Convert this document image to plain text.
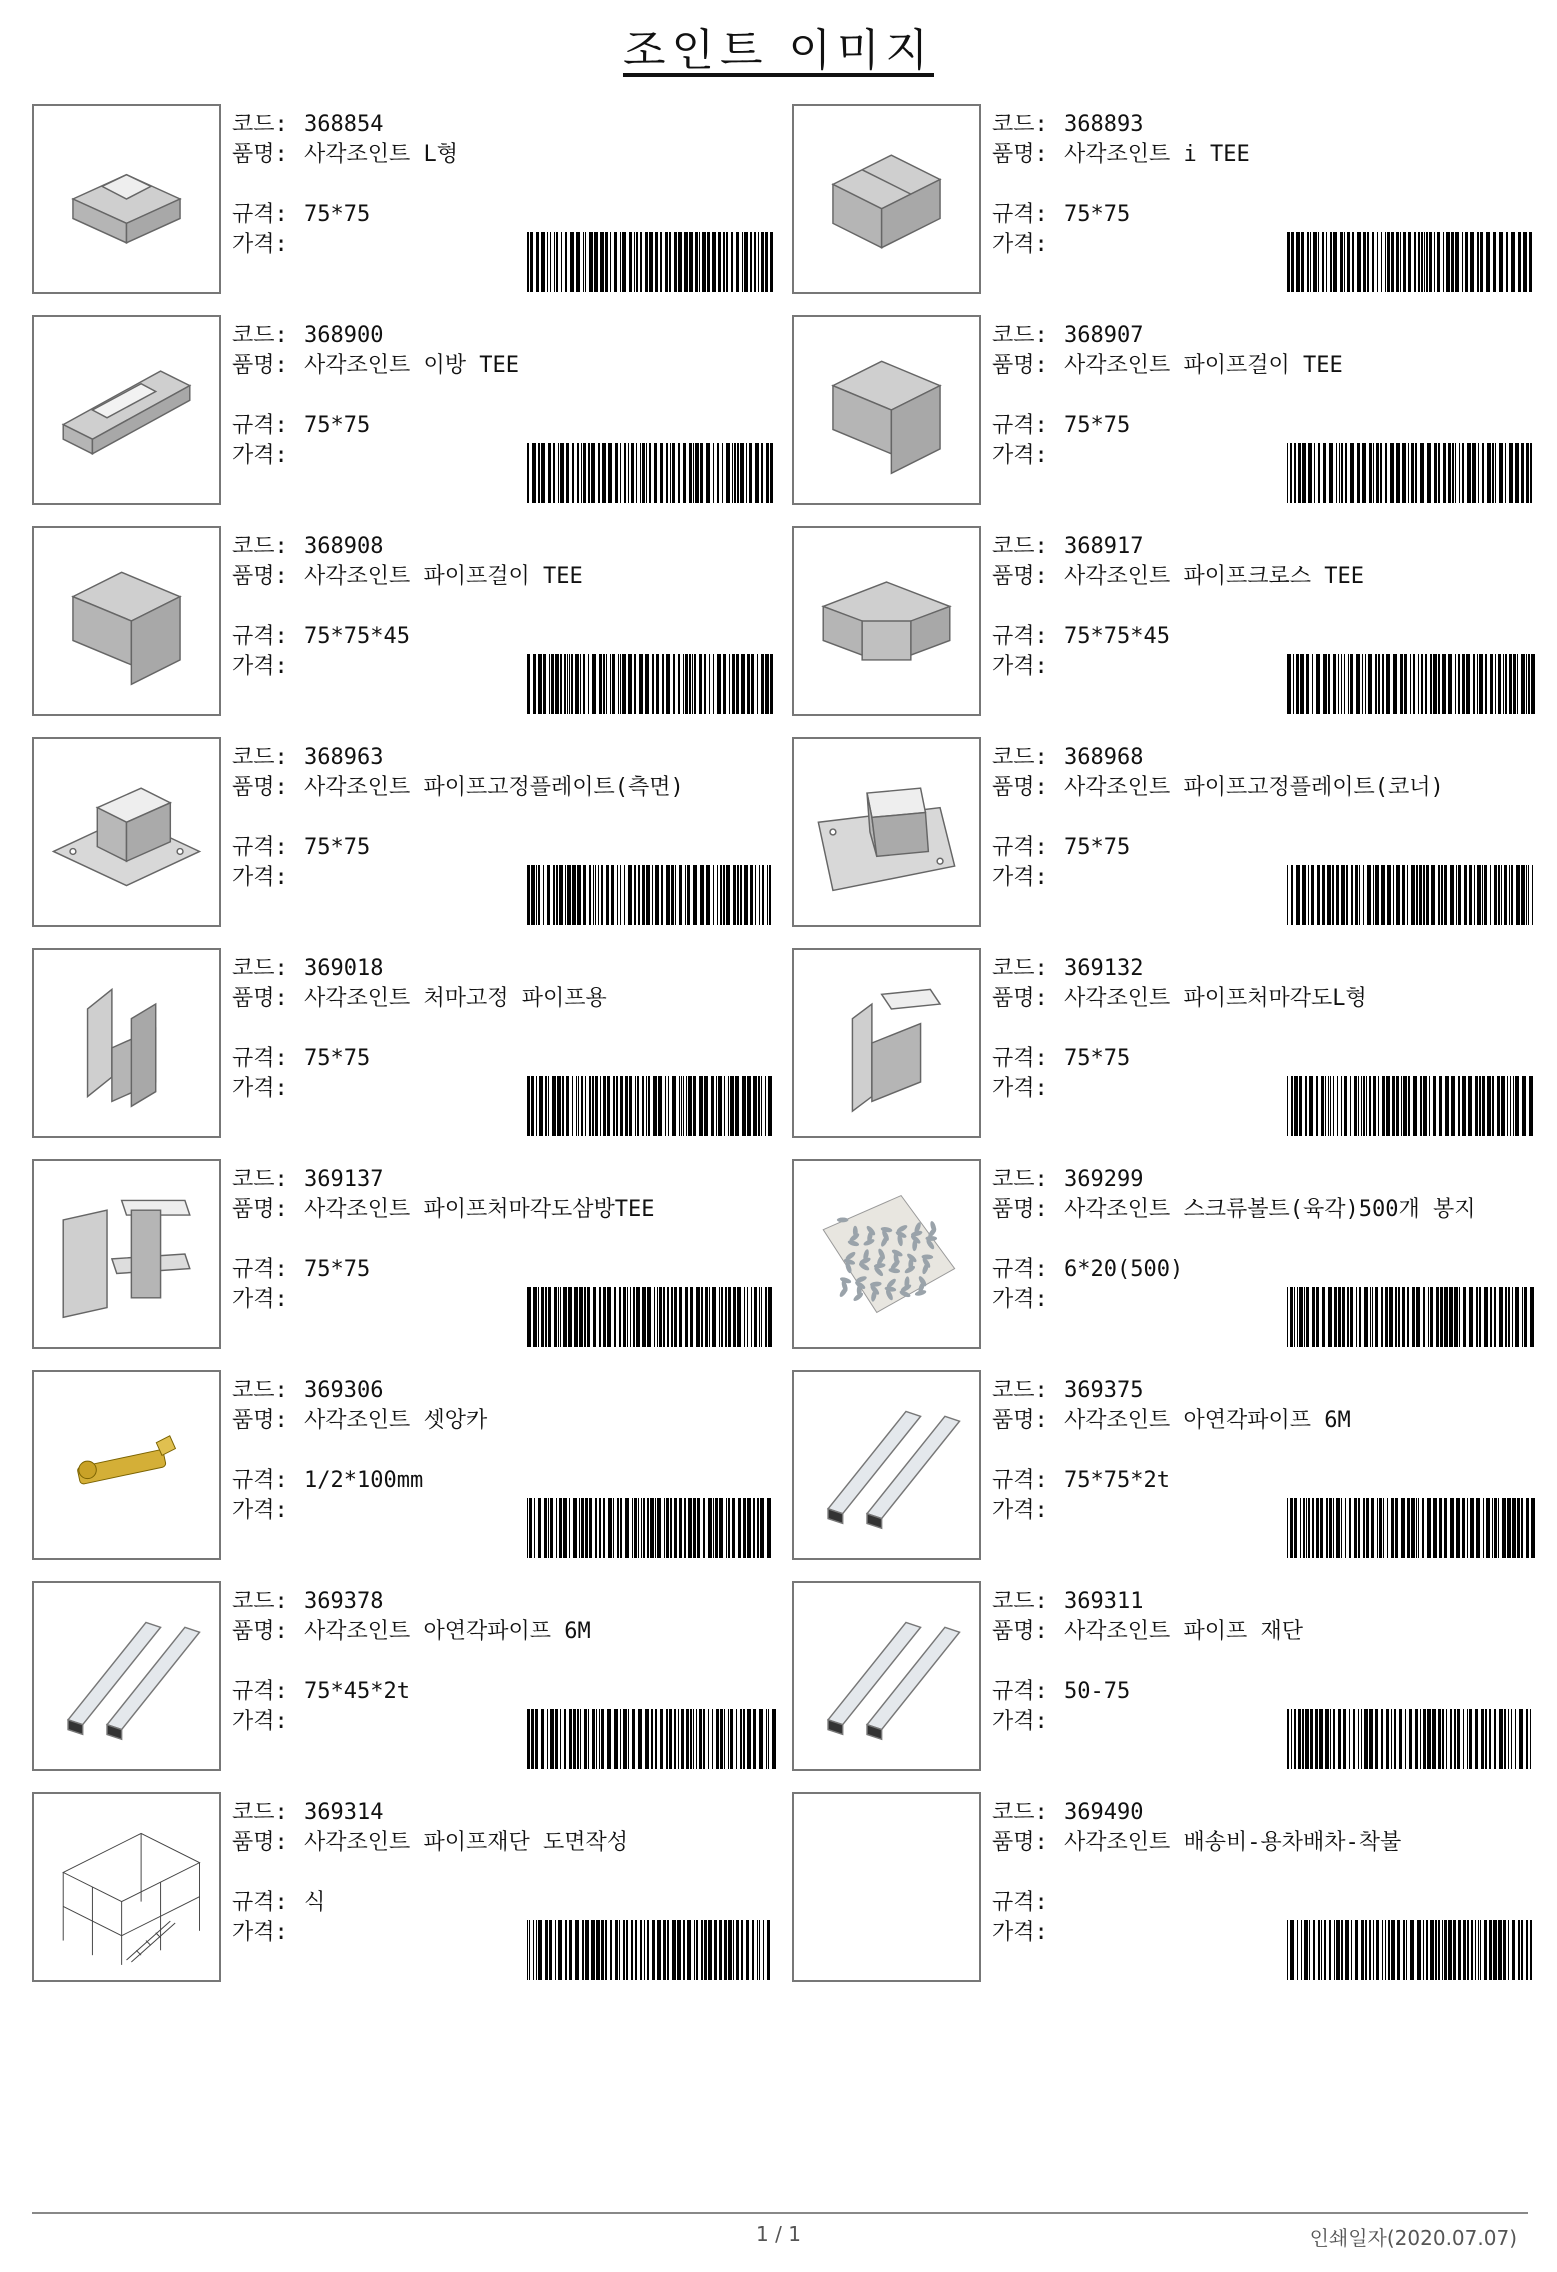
조인트 이미지
코드: 368854
품명: 사각조인트 L형
규격: 75*75
가격:
코드: 368893
품명: 사각조인트 i TEE
규격: 75*75
가격:
코드: 368900
품명: 사각조인트 이방 TEE
규격: 75*75
가격:
코드: 368907
품명: 사각조인트 파이프걸이 TEE
규격: 75*75
가격:
코드: 368908
품명: 사각조인트 파이프걸이 TEE
규격: 75*75*45
가격:
코드: 368917
품명: 사각조인트 파이프크로스 TEE
규격: 75*75*45
가격:
코드: 368963
품명: 사각조인트 파이프고정플레이트(측면)
규격: 75*75
가격:
코드: 368968
품명: 사각조인트 파이프고정플레이트(코너)
규격: 75*75
가격:
코드: 369018
품명: 사각조인트 처마고정 파이프용
규격: 75*75
가격:
코드: 369132
품명: 사각조인트 파이프처마각도L형
규격: 75*75
가격:
코드: 369137
품명: 사각조인트 파이프처마각도삼방TEE
규격: 75*75
가격:
코드: 369299
품명: 사각조인트 스크류볼트(육각)500개 봉지
규격: 6*20(500)
가격:
코드: 369306
품명: 사각조인트 셋앙카
규격: 1/2*100mm
가격:
코드: 369375
품명: 사각조인트 아연각파이프 6M
규격: 75*75*2t
가격:
코드: 369378
품명: 사각조인트 아연각파이프 6M
규격: 75*45*2t
가격:
코드: 369311
품명: 사각조인트 파이프 재단
규격: 50-75
가격:
코드: 369314
품명: 사각조인트 파이프재단 도면작성
규격: 식
가격:
코드: 369490
품명: 사각조인트 배송비-용차배차-착불
규격:
가격:
1 / 1	인쇄일자(2020.07.07)
